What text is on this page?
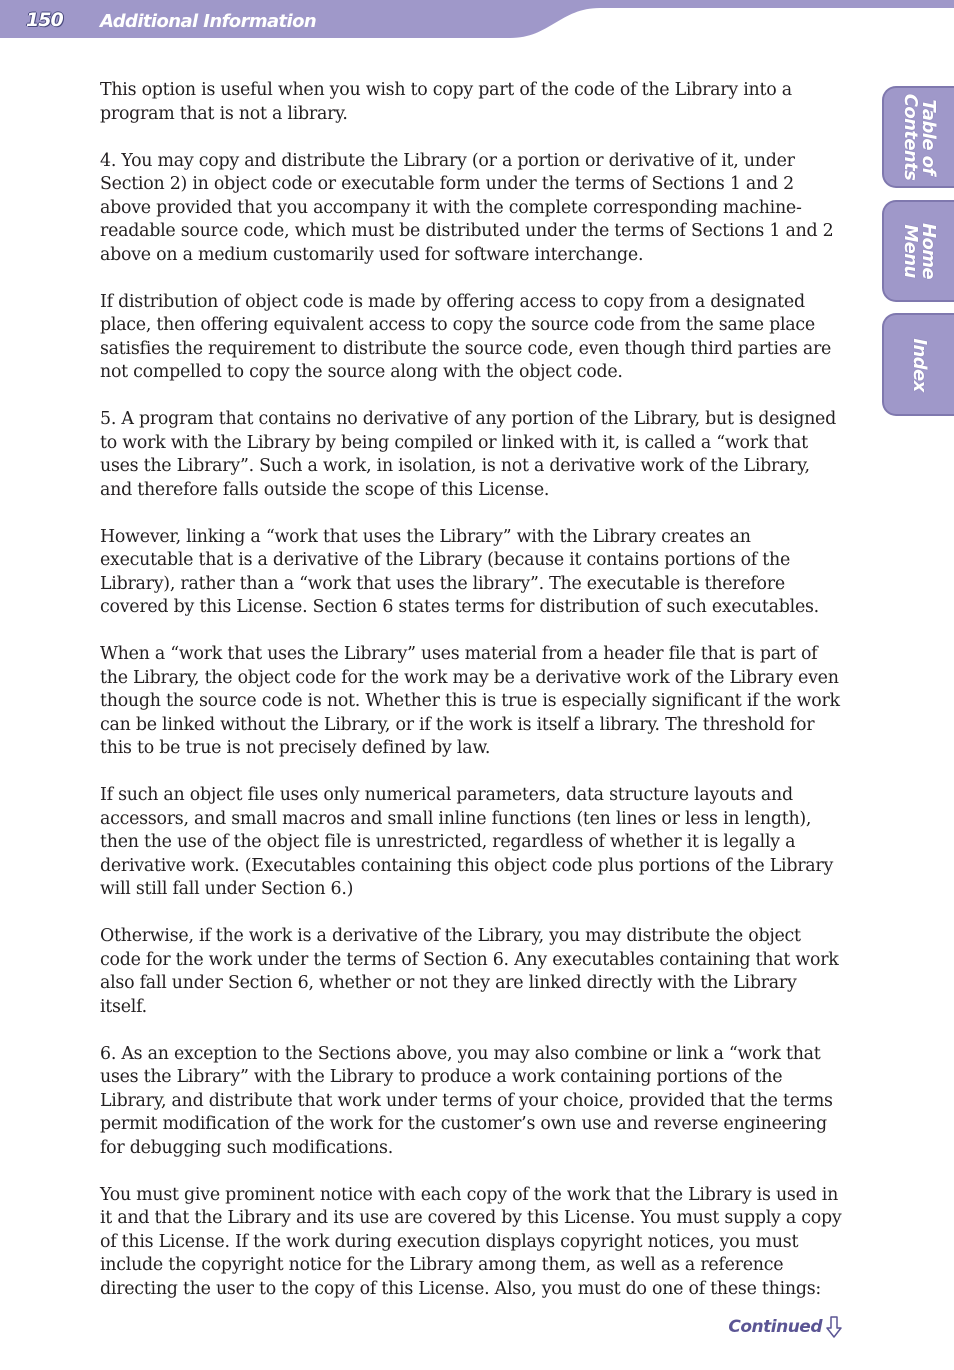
150 Additional Information
Table of
Contents
Home
Menu
Index

This option is useful when you wish to copy part of the code of the Library into a program that is not a library.

4. You may copy and distribute the Library (or a portion or derivative of it, under Section 2) in object code or executable form under the terms of Sections 1 and 2 above provided that you accompany it with the complete corresponding machine-readable source code, which must be distributed under the terms of Sections 1 and 2 above on a medium customarily used for software interchange.

If distribution of object code is made by offering access to copy from a designated place, then offering equivalent access to copy the source code from the same place satisfies the requirement to distribute the source code, even though third parties are not compelled to copy the source along with the object code.

5. A program that contains no derivative of any portion of the Library, but is designed to work with the Library by being compiled or linked with it, is called a “work that uses the Library”. Such a work, in isolation, is not a derivative work of the Library, and therefore falls outside the scope of this License.

However, linking a “work that uses the Library” with the Library creates an executable that is a derivative of the Library (because it contains portions of the Library), rather than a “work that uses the library”. The executable is therefore covered by this License. Section 6 states terms for distribution of such executables.

When a “work that uses the Library” uses material from a header file that is part of the Library, the object code for the work may be a derivative work of the Library even though the source code is not. Whether this is true is especially significant if the work can be linked without the Library, or if the work is itself a library. The threshold for this to be true is not precisely defined by law.

If such an object file uses only numerical parameters, data structure layouts and accessors, and small macros and small inline functions (ten lines or less in length), then the use of the object file is unrestricted, regardless of whether it is legally a derivative work. (Executables containing this object code plus portions of the Library will still fall under Section 6.)

Otherwise, if the work is a derivative of the Library, you may distribute the object code for the work under the terms of Section 6. Any executables containing that work also fall under Section 6, whether or not they are linked directly with the Library itself.

6. As an exception to the Sections above, you may also combine or link a “work that uses the Library” with the Library to produce a work containing portions of the Library, and distribute that work under terms of your choice, provided that the terms permit modification of the work for the customer’s own use and reverse engineering for debugging such modifications.

You must give prominent notice with each copy of the work that the Library is used in it and that the Library and its use are covered by this License. You must supply a copy of this License. If the work during execution displays copyright notices, you must include the copyright notice for the Library among them, as well as a reference directing the user to the copy of this License. Also, you must do one of these things:

Continued
